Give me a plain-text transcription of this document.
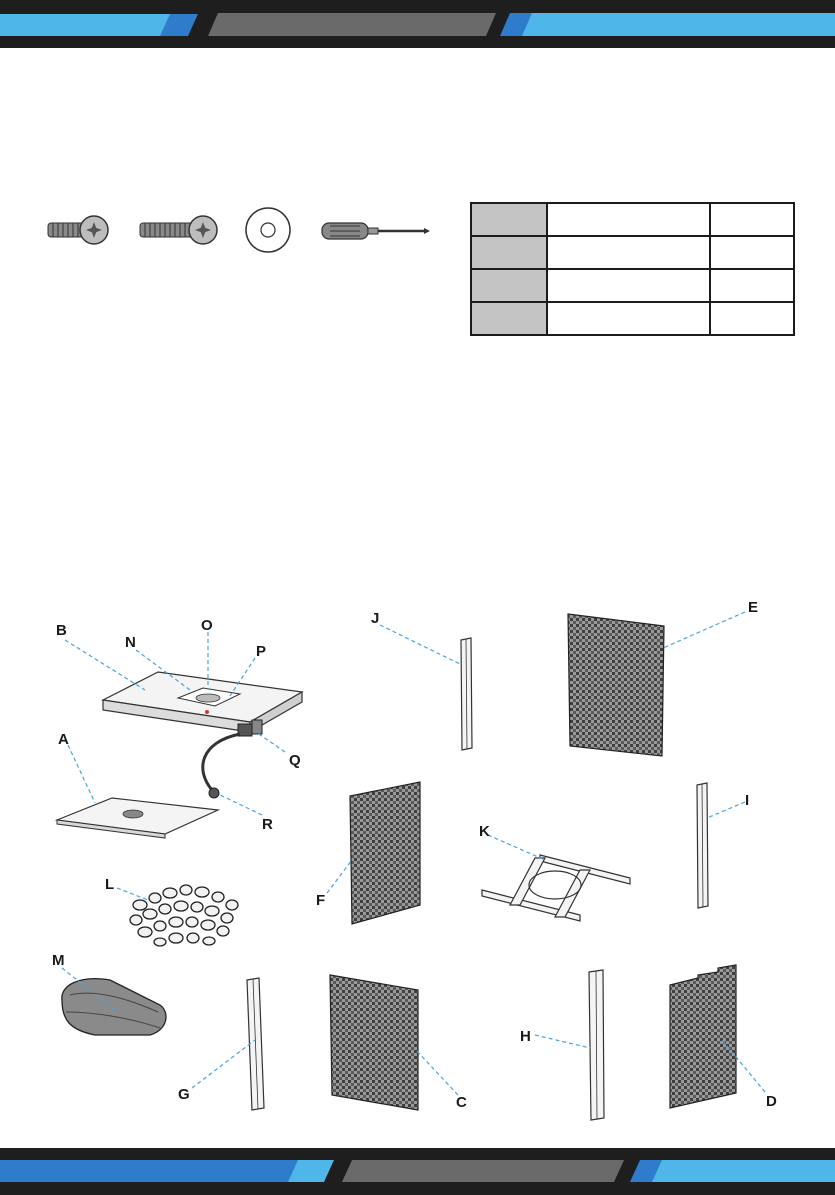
B
N
O
P
Q
A
R
L
M
J
E
I
K
F
G	C
H
D
